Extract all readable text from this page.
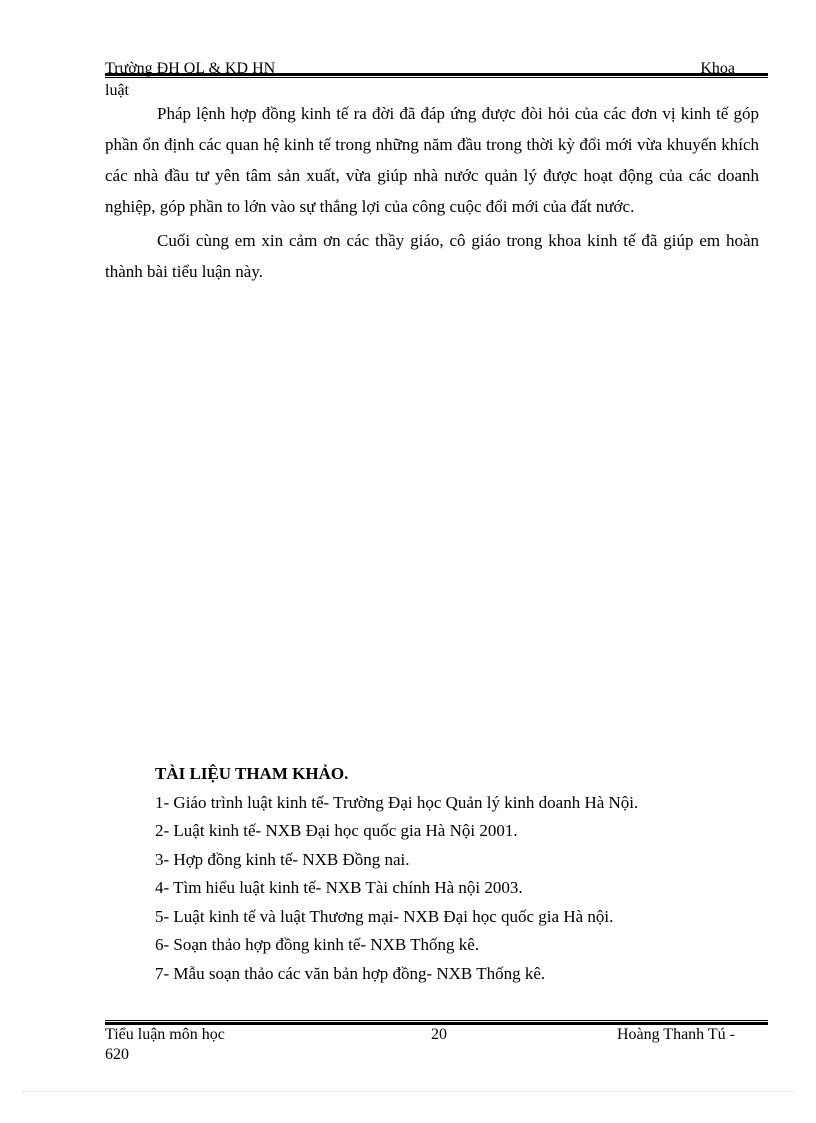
Trường ĐH QL & KD HN	Khoa
luật

Pháp lệnh hợp đồng kinh tế ra đời đã đáp ứng được đòi hỏi của các đơn vị kinh tế góp phần ổn định các quan hệ kinh tế trong những năm đầu trong thời kỳ đổi mới vừa khuyến khích các nhà đầu tư yên tâm sản xuất, vừa giúp nhà nước quản lý được hoạt động của các doanh nghiệp, góp phần to lớn vào sự thắng lợi của công cuộc đổi mới của đất nước.

Cuối cùng em xin cảm ơn các thầy giáo, cô giáo trong khoa kinh tế đã giúp em hoàn thành bài tiểu luận này.

TÀI LIỆU THAM KHẢO.

1- Giáo trình luật kinh tế- Trường Đại học Quản lý kinh doanh Hà Nội.
2- Luật kinh tế- NXB Đại học quốc gia Hà Nội 2001.
3- Hợp đồng kinh tế- NXB Đồng nai.
4- Tìm hiểu luật kinh tế- NXB Tài chính Hà nội 2003.
5- Luật kinh tế và luật Thương mại- NXB Đại học quốc gia Hà nội.
6- Soạn thảo hợp đồng kinh tế- NXB Thống kê.
7- Mẫu soạn thảo các văn bản hợp đồng- NXB Thống kê.
Tiểu luận môn học	20	Hoàng Thanh Tú -
620
